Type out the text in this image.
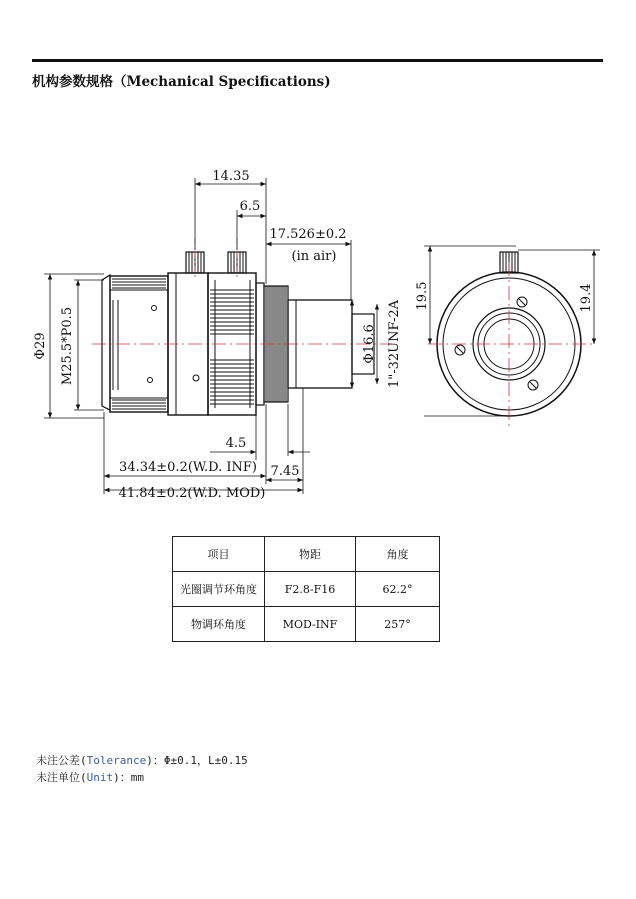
机构参数规格（Mechanical Specifications)
14.35
6.5
17.526±0.2
(in air)
Φ29 M25.5*P0.5	Φ16.6 1"-32UNF-2A
4.5
34.34±0.2(W.D. INF) 7.45
41.84±0.2(W.D. MOD)
19.5	19.4
项目	物距	角度
光圈调节环角度	F2.8-F16	62.2°
物调环角度	MOD-INF	257°
未注公差(Tolerance)：Φ±0.1，L±0.15
未注单位(Unit)：mm
